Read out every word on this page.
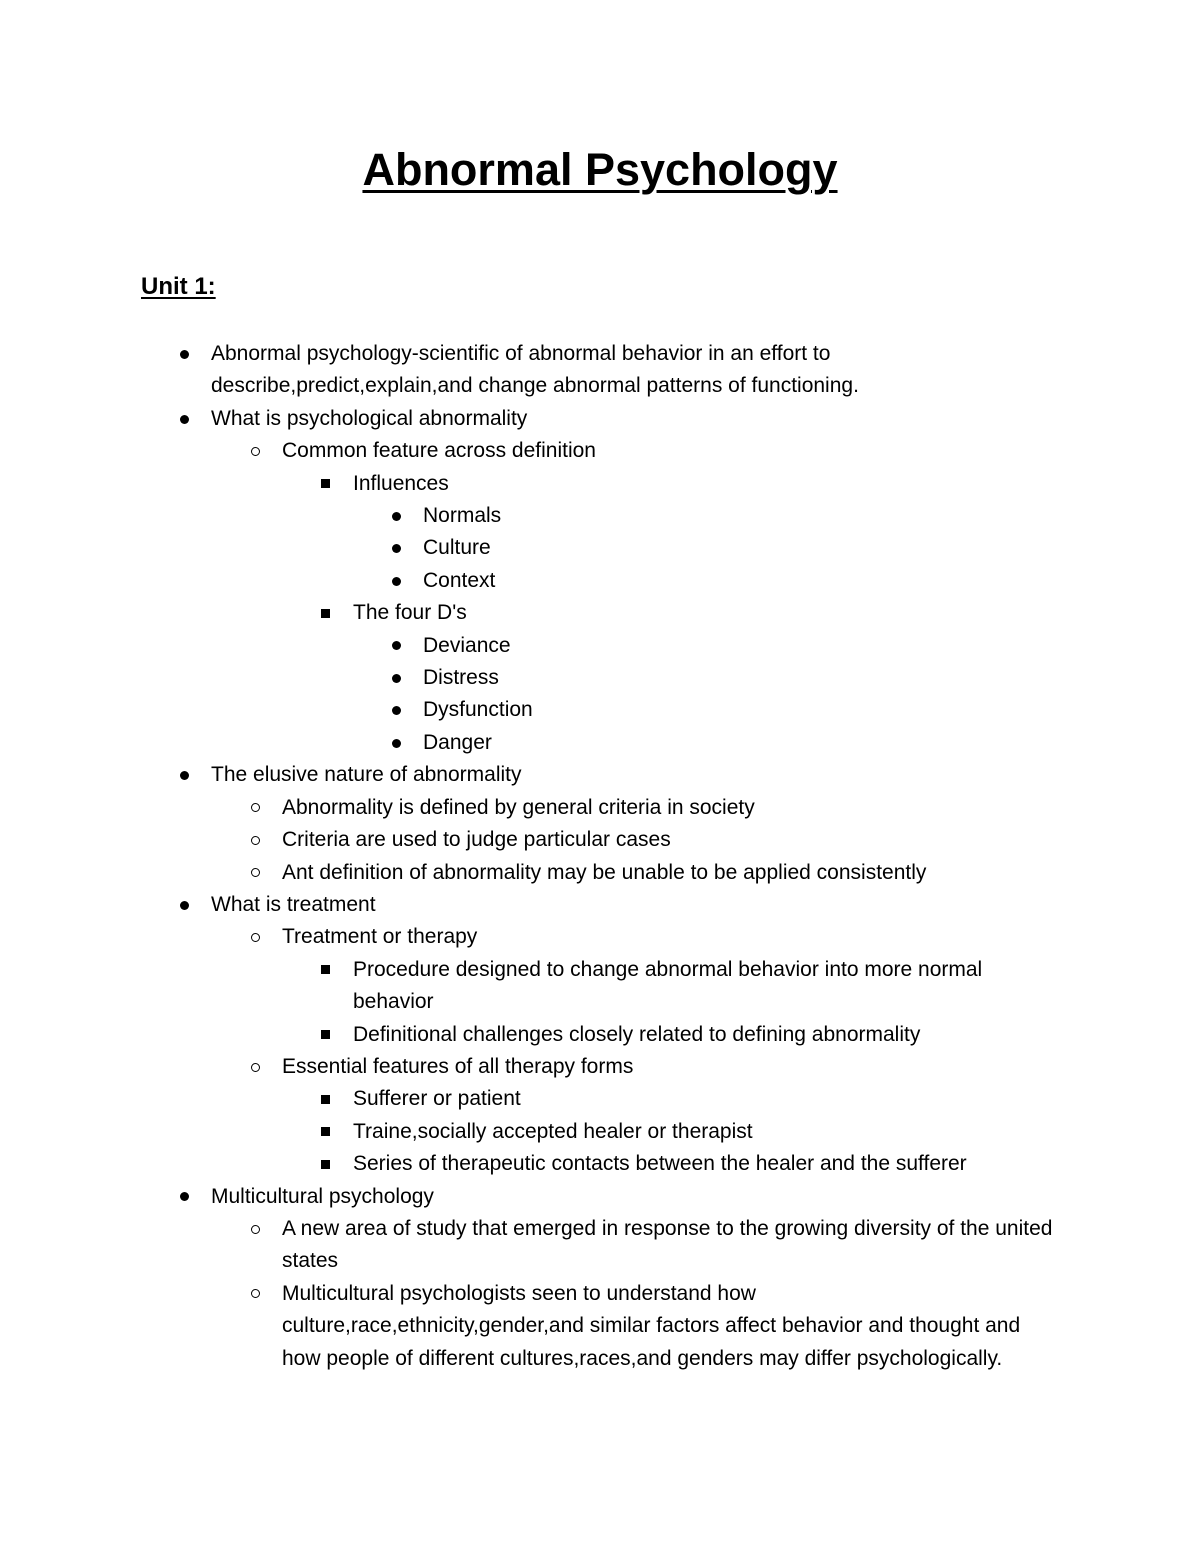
Abnormal Psychology
Unit 1:
Abnormal psychology-scientific of abnormal behavior in an effort to describe,predict,explain,and change abnormal patterns of functioning.
What is psychological abnormality
Common feature across definition
Influences
Normals
Culture
Context
The four D's
Deviance
Distress
Dysfunction
Danger
The elusive nature of abnormality
Abnormality is defined by general criteria in society
Criteria are used to judge particular cases
Ant definition of abnormality may be unable to be applied consistently
What is treatment
Treatment or therapy
Procedure designed to change abnormal behavior into more normal behavior
Definitional challenges closely related to defining abnormality
Essential features of all therapy forms
Sufferer or patient
Traine,socially accepted healer or therapist
Series of therapeutic contacts between the healer and the sufferer
Multicultural psychology
A new area of study that emerged in response to the growing diversity of the united states
Multicultural psychologists seen to understand how culture,race,ethnicity,gender,and similar factors affect behavior and thought and how people of different cultures,races,and genders may differ psychologically.
